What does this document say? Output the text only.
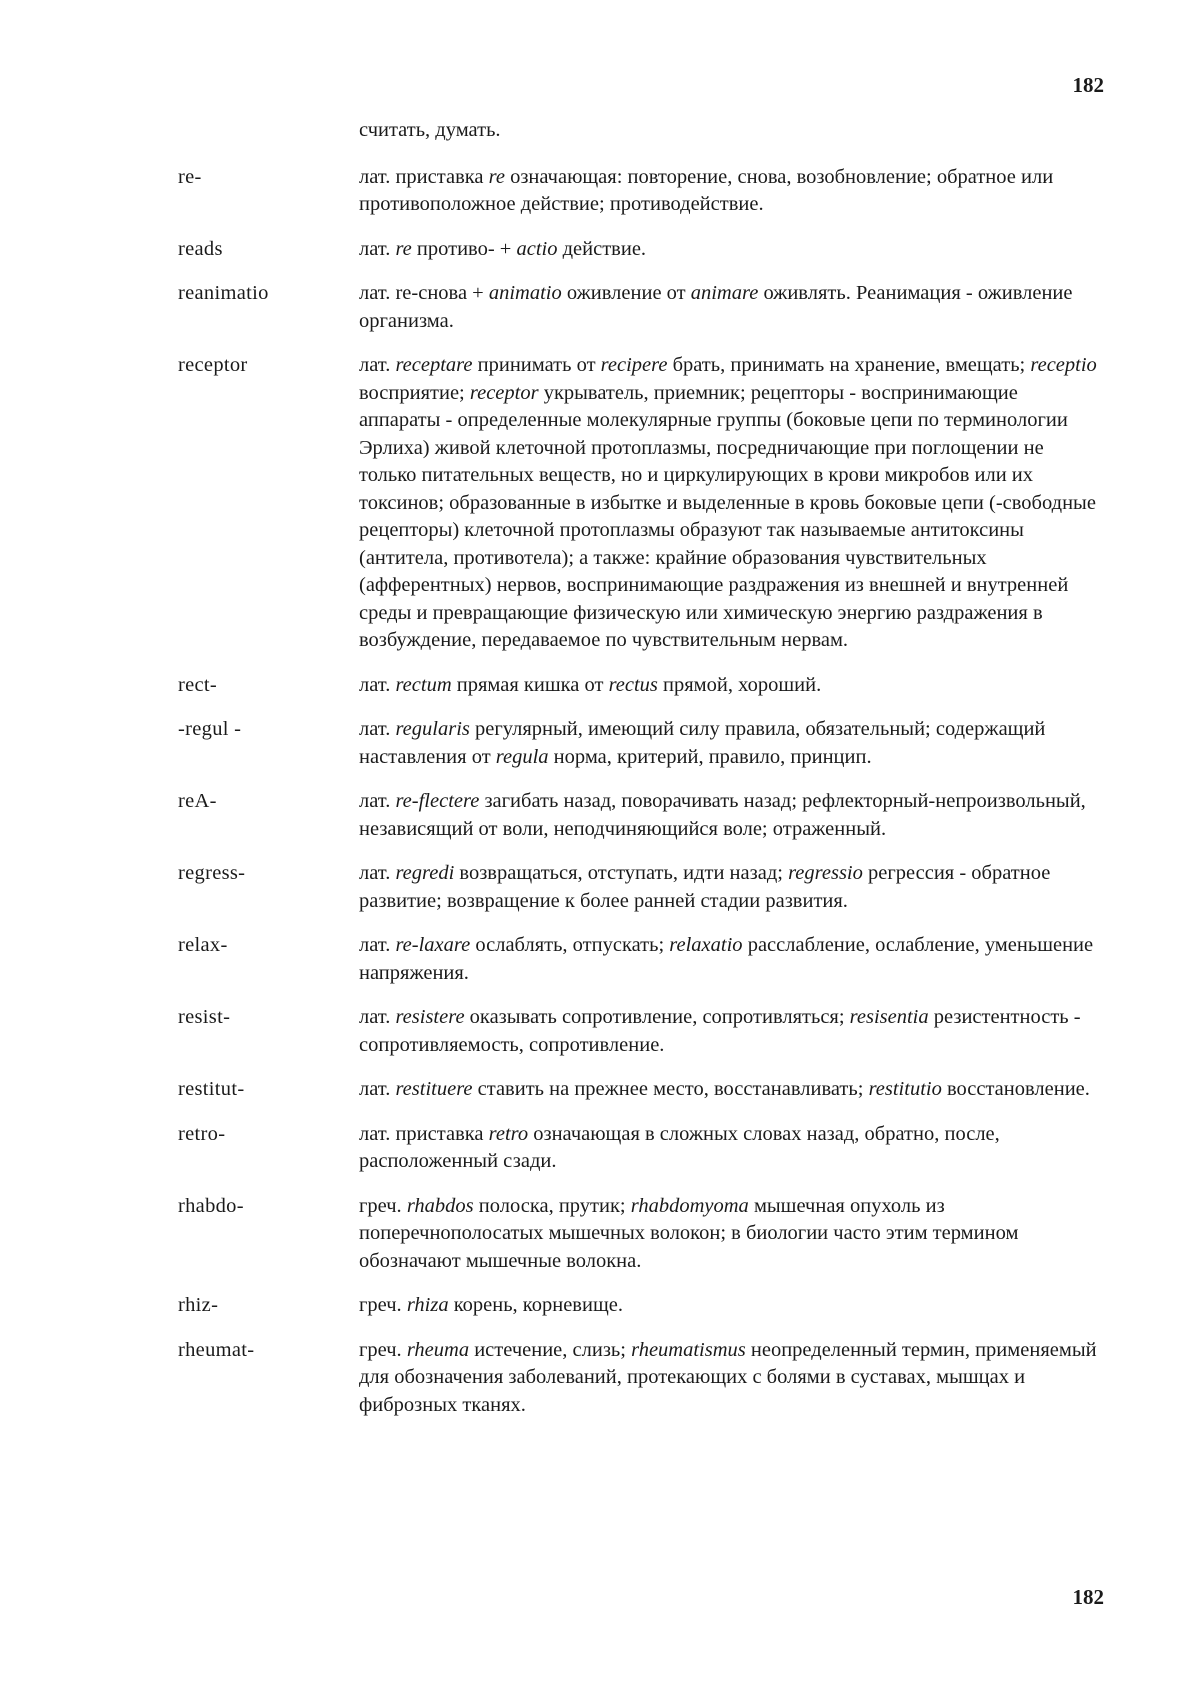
182
считать, думать.
re-	лат. приставка re означающая: повторение, снова, возобновление; обратное или противоположное действие; противодействие.
reads	лат. re противо- + actio действие.
reanimatio	лат. re-снова + animatio оживление от animare оживлять. Реанимация - оживление организма.
receptor	лат. receptare принимать от recipere брать, принимать на хранение, вмещать; receptio восприятие; receptor укрыватель, приемник; рецепторы - воспринимающие аппараты - определенные молекулярные группы (боковые цепи по терминологии Эрлиха) живой клеточной протоплазмы, посредничающие при поглощении не только питательных веществ, но и циркулирующих в крови микробов или их токсинов; образованные в избытке и выделенные в кровь боковые цепи (-свободные рецепторы) клеточной протоплазмы образуют так называемые антитоксины (антитела, противотела); а также: крайние образования чувствительных (афферентных) нервов, воспринимающие раздражения из внешней и внутренней среды и превращающие физическую или химическую энергию раздражения в возбуждение, передаваемое по чувствительным нервам.
rect-	лат. rectum прямая кишка от rectus прямой, хороший.
-regul -	лат. regularis регулярный, имеющий силу правила, обязательный; содержащий наставления от regula норма, критерий, правило, принцип.
reA-	лат. re-flectere загибать назад, поворачивать назад; рефлекторный-непроизвольный, независящий от воли, неподчиняющийся воле; отраженный.
regress-	лат. regredi возвращаться, отступать, идти назад; regressio регрессия - обратное развитие; возвращение к более ранней стадии развития.
relax-	лат. re-laxare ослаблять, отпускать; relaxatio расслабление, ослабление, уменьшение напряжения.
resist-	лат. resistere оказывать сопротивление, сопротивляться; resisentia резистентность - сопротивляемость, сопротивление.
restitut-	лат. restituere ставить на прежнее место, восстанавливать; restitutio восстановление.
retro-	лат. приставка retro означающая в сложных словах назад, обратно, после, расположенный сзади.
rhabdo-	греч. rhabdos полоска, прутик; rhabdomyoma мышечная опухоль из поперечнополосатых мышечных волокон; в биологии часто этим термином обозначают мышечные волокна.
rhiz-	греч. rhiza корень, корневище.
rheumat-	греч. rheuma истечение, слизь; rheumatismus неопределенный термин, применяемый для обозначения заболеваний, протекающих с болями в суставах, мышцах и фиброзных тканях.
182
